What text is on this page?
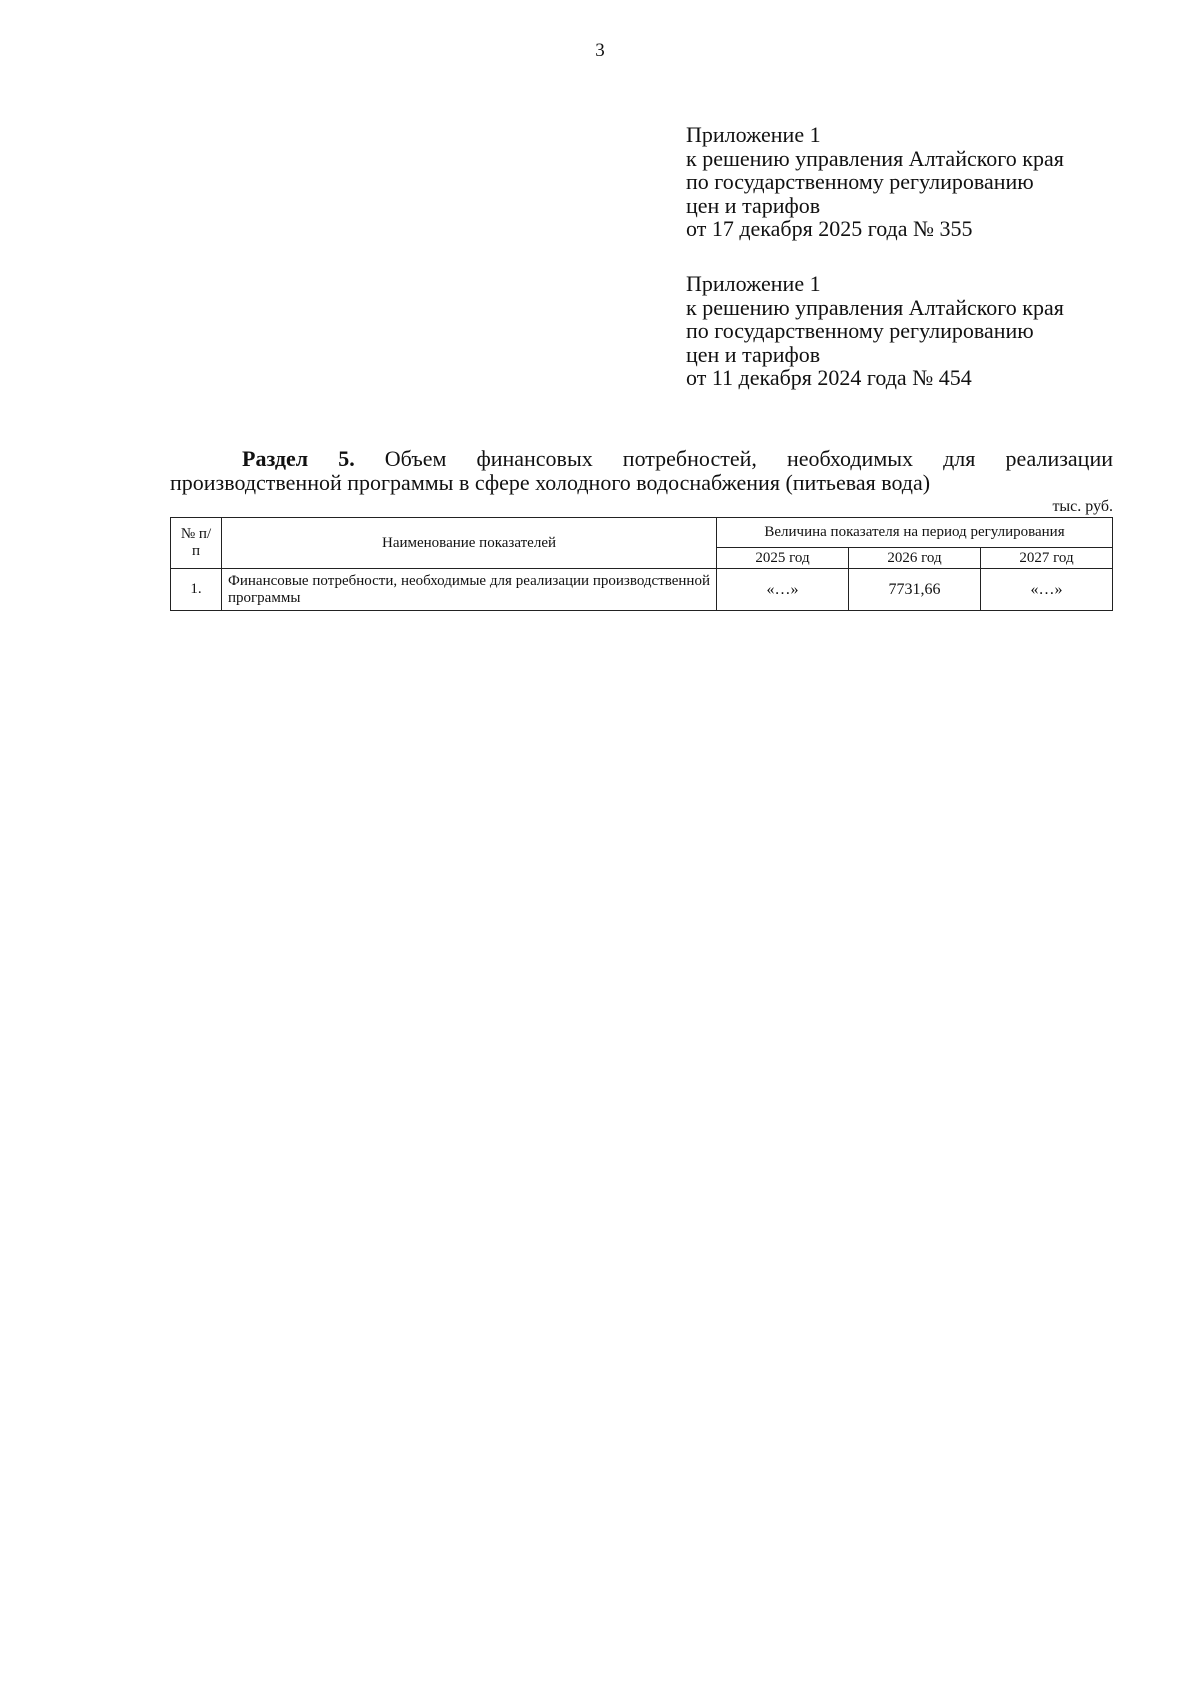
3
Приложение 1
к решению управления Алтайского края
по государственному регулированию
цен и тарифов
от 17 декабря 2025 года № 355
Приложение 1
к решению управления Алтайского края
по государственному регулированию
цен и тарифов
от 11 декабря 2024 года № 454
Раздел 5. Объем финансовых потребностей, необходимых для реализации
производственной программы в сфере холодного водоснабжения (питьевая вода)
тыс. руб.
№ п/п	Наименование показателей	Величина показателя на период регулирования		
		2025 год	2026 год	2027 год
1.	Финансовые потребности, необходимые для реализации производственной программы	«…»	7731,66	«…»
